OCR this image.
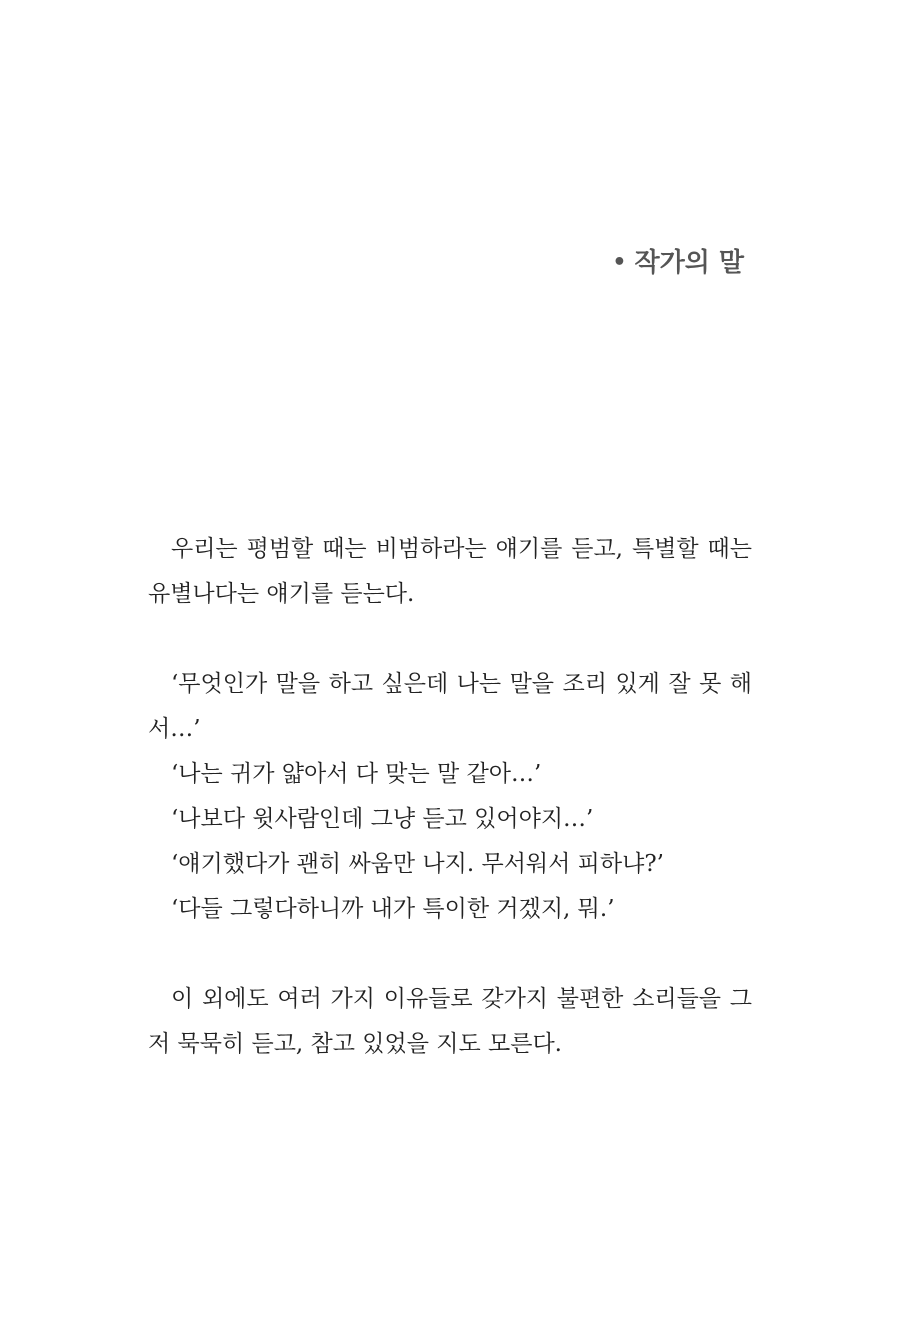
• 작가의 말

우리는 평범할 때는 비범하라는 얘기를 듣고, 특별할 때는 유별나다는 얘기를 듣는다.

‘무엇인가 말을 하고 싶은데 나는 말을 조리 있게 잘 못 해서…’

‘나는 귀가 얇아서 다 맞는 말 같아…’

‘나보다 윗사람인데 그냥 듣고 있어야지…’

‘얘기했다가 괜히 싸움만 나지. 무서워서 피하냐?’

‘다들 그렇다하니까 내가 특이한 거겠지, 뭐.’

이 외에도 여러 가지 이유들로 갖가지 불편한 소리들을 그저 묵묵히 듣고, 참고 있었을 지도 모른다.
